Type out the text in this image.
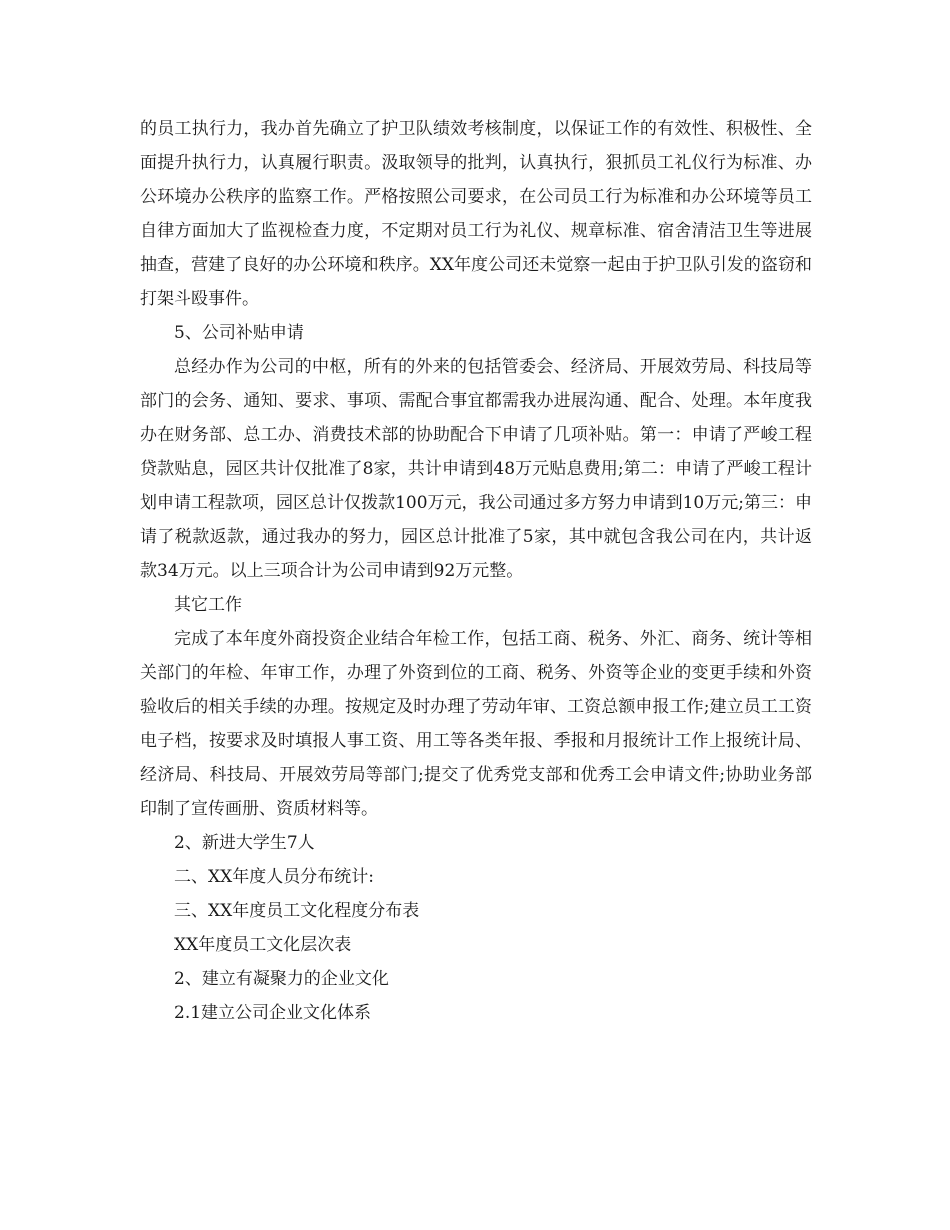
的员工执行力，我办首先确立了护卫队绩效考核制度，以保证工作的有效性、积极性、全面提升执行力，认真履行职责。汲取领导的批判，认真执行，狠抓员工礼仪行为标准、办公环境办公秩序的监察工作。严格按照公司要求，在公司员工行为标准和办公环境等员工自律方面加大了监视检查力度，不定期对员工行为礼仪、规章标准、宿舍清洁卫生等进展抽查，营建了良好的办公环境和秩序。XX年度公司还未觉察一起由于护卫队引发的盗窃和打架斗殴事件。

5、公司补贴申请

总经办作为公司的中枢，所有的外来的包括管委会、经济局、开展效劳局、科技局等部门的会务、通知、要求、事项、需配合事宜都需我办进展沟通、配合、处理。本年度我办在财务部、总工办、消费技术部的协助配合下申请了几项补贴。第一：申请了严峻工程贷款贴息，园区共计仅批准了8家，共计申请到48万元贴息费用;第二：申请了严峻工程计划申请工程款项，园区总计仅拨款100万元，我公司通过多方努力申请到10万元;第三：申请了税款返款，通过我办的努力，园区总计批准了5家，其中就包含我公司在内，共计返款34万元。以上三项合计为公司申请到92万元整。

其它工作

完成了本年度外商投资企业结合年检工作，包括工商、税务、外汇、商务、统计等相关部门的年检、年审工作，办理了外资到位的工商、税务、外资等企业的变更手续和外资验收后的相关手续的办理。按规定及时办理了劳动年审、工资总额申报工作;建立员工工资电子档，按要求及时填报人事工资、用工等各类年报、季报和月报统计工作上报统计局、经济局、科技局、开展效劳局等部门;提交了优秀党支部和优秀工会申请文件;协助业务部印制了宣传画册、资质材料等。

2、新进大学生7人

二、XX年度人员分布统计:

三、XX年度员工文化程度分布表

XX年度员工文化层次表

2、建立有凝聚力的企业文化

2.1建立公司企业文化体系
